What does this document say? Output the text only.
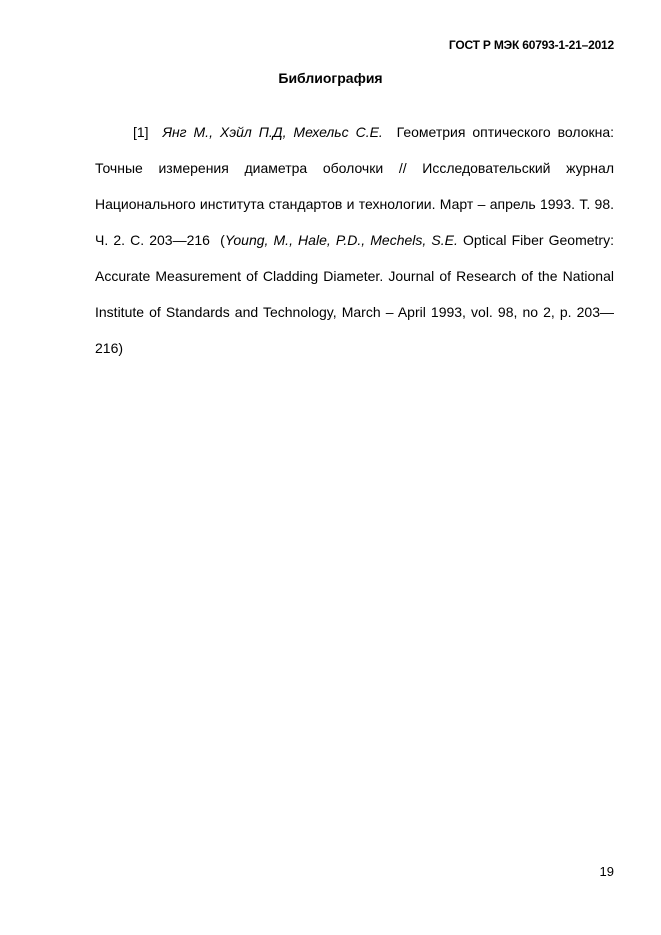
ГОСТ Р МЭК 60793-1-21–2012
Библиография

[1] Янг М., Хэйл П.Д, Мехельс С.Е. Геометрия оптического волокна: Точные измерения диаметра оболочки // Исследовательский журнал Национального института стандартов и технологии. Март – апрель 1993. Т. 98. Ч. 2. С. 203—216  (Young, M., Hale, P.D., Mechels, S.E. Optical Fiber Geometry: Accurate Measurement of Cladding Diameter. Journal of Research of the National Institute of Standards and Technology, March – April 1993, vol. 98, no 2, p. 203—216)

19
